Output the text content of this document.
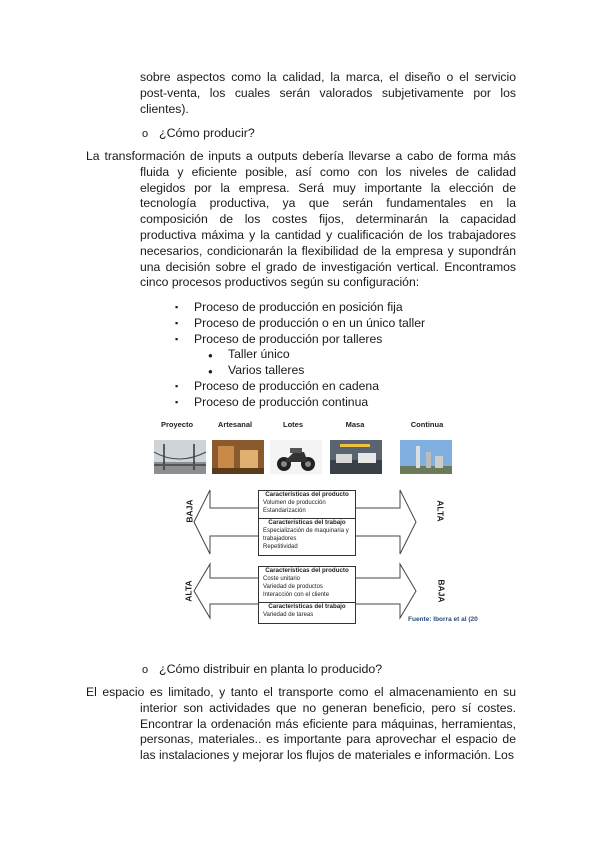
sobre aspectos como la calidad, la marca, el diseño o el servicio post-venta, los cuales serán valorados subjetivamente por los clientes).
o ¿Cómo producir?
La transformación de inputs a outputs debería llevarse a cabo de forma más
fluida y eficiente posible, así como con los niveles de calidad elegidos por la empresa. Será muy importante la elección de tecnología productiva, ya que serán fundamentales en la composición de los costes fijos, determinarán la capacidad productiva máxima y la cantidad y cualificación de los trabajadores necesarios, condicionarán la flexibilidad de la empresa y supondrán una decisión sobre el grado de investigación vertical. Encontramos cinco procesos productivos según su configuración:
▪ Proceso de producción en posición fija
▪ Proceso de producción o en un único taller
▪ Proceso de producción por talleres
● Taller único
● Varios talleres
▪ Proceso de producción en cadena
▪ Proceso de producción continua
Proyecto	Artesanal	Lotes	Masa	Continua
BAJA	ALTA
ALTA	BAJA
Características del producto
Volumen de producción
Estandarización
Características del trabajo
Especialización de maquinaria y trabajadores
Repetitividad
Características del producto
Coste unitario
Variedad de productos
Interacción con el cliente
Características del trabajo
Variedad de tareas
Fuente: Iborra et al (20
o ¿Cómo distribuir en planta lo producido?
El espacio es limitado, y tanto el transporte como el almacenamiento en su
interior son actividades que no generan beneficio, pero sí costes. Encontrar la ordenación más eficiente para máquinas, herramientas, personas, materiales.. es importante para aprovechar el espacio de las instalaciones y mejorar los flujos de materiales e información. Los
